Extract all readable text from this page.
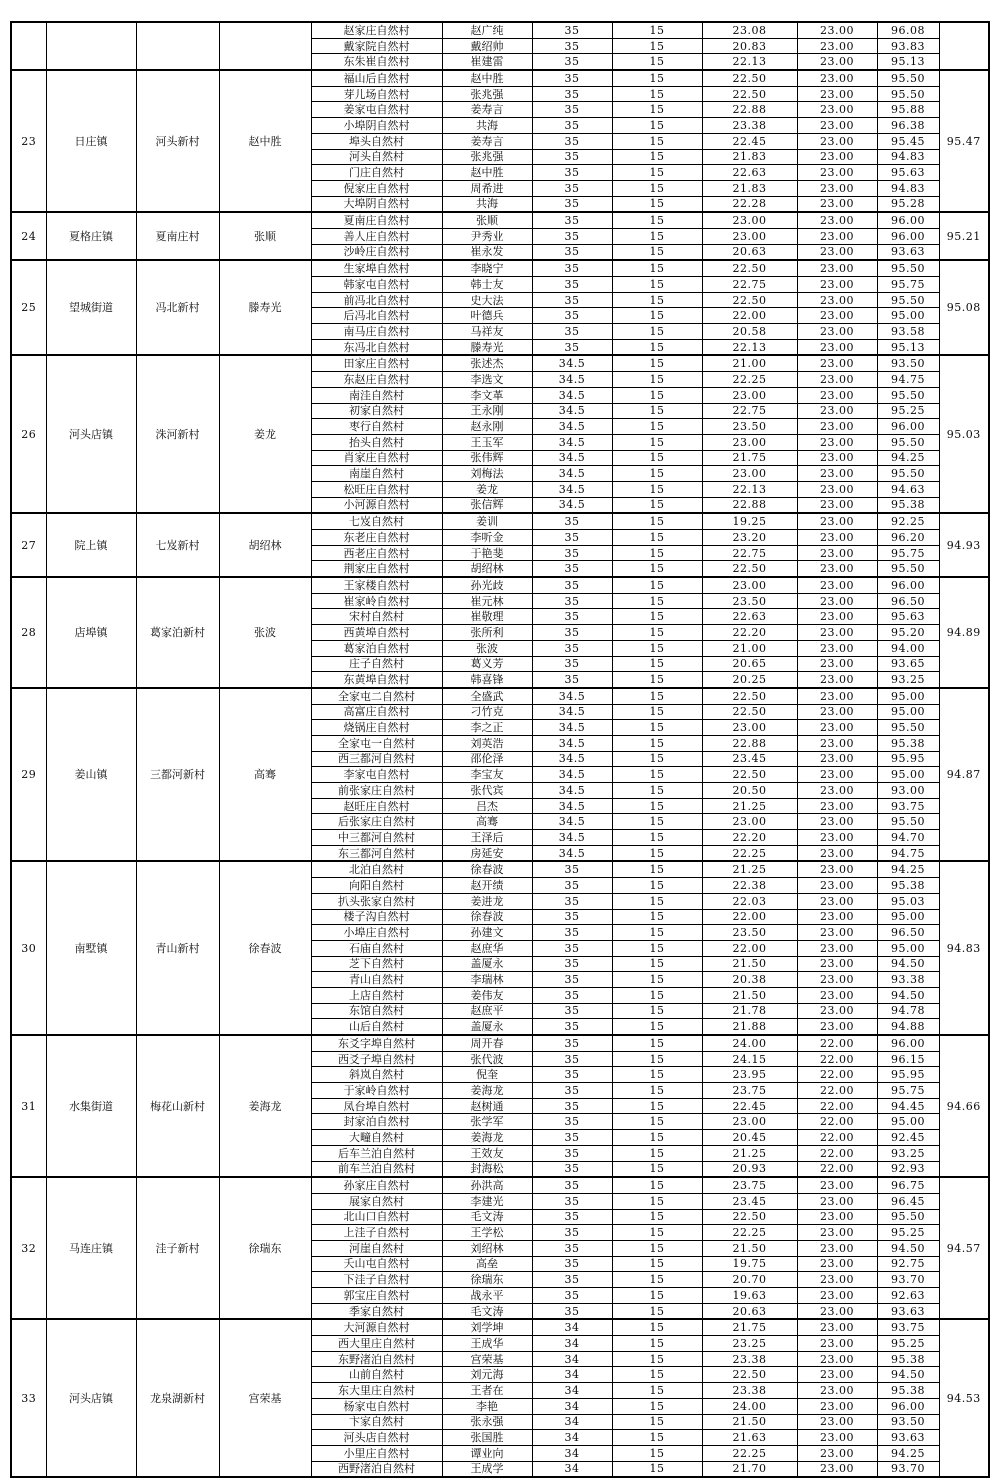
				赵家庄自然村	赵广纯	35	15	23.08	23.00	96.08	
				戴家院自然村	戴绍帅	35	15	20.83	23.00	93.83	
				东朱崔自然村	崔建雷	35	15	22.13	23.00	95.13	
23	日庄镇	河头新村	赵中胜	福山后自然村	赵中胜	35	15	22.50	23.00	95.50	95.47
				芽儿场自然村	张兆强	35	15	22.50	23.00	95.50	
				姜家屯自然村	姜寿言	35	15	22.88	23.00	95.88	
				小埠阴自然村	共海	35	15	23.38	23.00	96.38	
				埠头自然村	姜寿言	35	15	22.45	23.00	95.45	
				河头自然村	张兆强	35	15	21.83	23.00	94.83	
				门庄自然村	赵中胜	35	15	22.63	23.00	95.63	
				倪家庄自然村	周希进	35	15	21.83	23.00	94.83	
				大埠阴自然村	共海	35	15	22.28	23.00	95.28	
24	夏格庄镇	夏南庄村	张顺	夏南庄自然村	张顺	35	15	23.00	23.00	96.00	95.21
				善人庄自然村	尹秀业	35	15	23.00	23.00	96.00	
				沙岭庄自然村	崔永发	35	15	20.63	23.00	93.63	
25	望城街道	冯北新村	滕寿光	生家埠自然村	李晓宁	35	15	22.50	23.00	95.50	95.08
				韩家屯自然村	韩士友	35	15	22.75	23.00	95.75	
				前冯北自然村	史大法	35	15	22.50	23.00	95.50	
				后冯北自然村	叶德兵	35	15	22.00	23.00	95.00	
				南马庄自然村	马祥友	35	15	20.58	23.00	93.58	
				东冯北自然村	滕寿光	35	15	22.13	23.00	95.13	
26	河头店镇	洙河新村	姜龙	田家庄自然村	张述杰	34.5	15	21.00	23.00	93.50	95.03
				东赵庄自然村	李选文	34.5	15	22.25	23.00	94.75	
				南洼自然村	李文革	34.5	15	23.00	23.00	95.50	
				初家自然村	王永刚	34.5	15	22.75	23.00	95.25	
				枣行自然村	赵永刚	34.5	15	23.50	23.00	96.00	
				抬头自然村	王玉军	34.5	15	23.00	23.00	95.50	
				肖家庄自然村	张伟辉	34.5	15	21.75	23.00	94.25	
				南崖自然村	刘梅法	34.5	15	23.00	23.00	95.50	
				松旺庄自然村	姜龙	34.5	15	22.13	23.00	94.63	
				小河源自然村	张信辉	34.5	15	22.88	23.00	95.38	
27	院上镇	七岌新村	胡绍林	七岌自然村	姜训	35	15	19.25	23.00	92.25	94.93
				东老庄自然村	李听金	35	15	23.20	23.00	96.20	
				西老庄自然村	于艳斐	35	15	22.75	23.00	95.75	
				荆家庄自然村	胡绍林	35	15	22.50	23.00	95.50	
28	店埠镇	葛家泊新村	张波	王家楼自然村	孙光歧	35	15	23.00	23.00	96.00	94.89
				崔家岭自然村	崔元林	35	15	23.50	23.00	96.50	
				宋村自然村	崔敬理	35	15	22.63	23.00	95.63	
				西黄埠自然村	张所利	35	15	22.20	23.00	95.20	
				葛家泊自然村	张波	35	15	21.00	23.00	94.00	
				庄子自然村	葛义芳	35	15	20.65	23.00	93.65	
				东黄埠自然村	韩喜锋	35	15	20.25	23.00	93.25	
29	姜山镇	三都河新村	高骞	全家屯二自然村	全盛武	34.5	15	22.50	23.00	95.00	94.87
				高富庄自然村	刁竹克	34.5	15	22.50	23.00	95.00	
				烧锅庄自然村	李之正	34.5	15	23.00	23.00	95.50	
				全家屯一自然村	刘英浩	34.5	15	22.88	23.00	95.38	
				西三都河自然村	邵伦泽	34.5	15	23.45	23.00	95.95	
				李家屯自然村	李宝友	34.5	15	22.50	23.00	95.00	
				前张家庄自然村	张代宾	34.5	15	20.50	23.00	93.00	
				赵旺庄自然村	吕杰	34.5	15	21.25	23.00	93.75	
				后张家庄自然村	高骞	34.5	15	23.00	23.00	95.50	
				中三都河自然村	王泽后	34.5	15	22.20	23.00	94.70	
				东三都河自然村	房延安	34.5	15	22.25	23.00	94.75	
30	南墅镇	青山新村	徐春波	北泊自然村	徐春波	35	15	21.25	23.00	94.25	94.83
				向阳自然村	赵开绩	35	15	22.38	23.00	95.38	
				扒头张家自然村	姜进龙	35	15	22.03	23.00	95.03	
				楼子沟自然村	徐春波	35	15	22.00	23.00	95.00	
				小埠庄自然村	孙建文	35	15	23.50	23.00	96.50	
				石庙自然村	赵庶华	35	15	22.00	23.00	95.00	
				芝下自然村	盖厦永	35	15	21.50	23.00	94.50	
				青山自然村	李瑞林	35	15	20.38	23.00	93.38	
				上店自然村	姜伟友	35	15	21.50	23.00	94.50	
				东馆自然村	赵庶平	35	15	21.78	23.00	94.78	
				山后自然村	盖厦永	35	15	21.88	23.00	94.88	
31	水集街道	梅花山新村	姜海龙	东爻字埠自然村	周开春	35	15	24.00	22.00	96.00	94.66
				西爻子埠自然村	张代波	35	15	24.15	22.00	96.15	
				斜岚自然村	倪奎	35	15	23.95	22.00	95.95	
				于家岭自然村	姜海龙	35	15	23.75	22.00	95.75	
				凤台埠自然村	赵树通	35	15	22.45	22.00	94.45	
				封家泊自然村	张学军	35	15	23.00	22.00	95.00	
				大疃自然村	姜海龙	35	15	20.45	22.00	92.45	
				后车兰泊自然村	王效友	35	15	21.25	22.00	93.25	
				前车兰泊自然村	封海松	35	15	20.93	22.00	92.93	
32	马连庄镇	洼子新村	徐瑞东	孙家庄自然村	孙洪高	35	15	23.75	23.00	96.75	94.57
				展家自然村	李建光	35	15	23.45	23.00	96.45	
				北山口自然村	毛文涛	35	15	22.50	23.00	95.50	
				上洼子自然村	王学松	35	15	22.25	23.00	95.25	
				河崖自然村	刘绍林	35	15	21.50	23.00	94.50	
				夭山屯自然村	高垒	35	15	19.75	23.00	92.75	
				下洼子自然村	徐瑞东	35	15	20.70	23.00	93.70	
				郭宝庄自然村	战永平	35	15	19.63	23.00	92.63	
				季家自然村	毛文涛	35	15	20.63	23.00	93.63	
33	河头店镇	龙泉湖新村	宫荣基	大河源自然村	刘学坤	34	15	21.75	23.00	93.75	94.53
				西大里庄自然村	王成华	34	15	23.25	23.00	95.25	
				东野渚泊自然村	宫荣基	34	15	23.38	23.00	95.38	
				山前自然村	刘元海	34	15	22.50	23.00	94.50	
				东大里庄自然村	王者在	34	15	23.38	23.00	95.38	
				杨家屯自然村	李艳	34	15	24.00	23.00	96.00	
				卞家自然村	张永强	34	15	21.50	23.00	93.50	
				河头店自然村	张国胜	34	15	21.63	23.00	93.63	
				小里庄自然村	谭业向	34	15	22.25	23.00	94.25	
				西野渚泊自然村	王成学	34	15	21.70	23.00	93.70	
